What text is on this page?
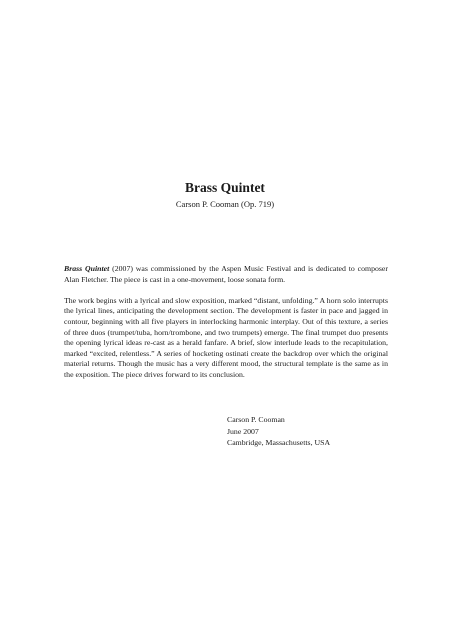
Brass Quintet
Carson P. Cooman (Op. 719)

Brass Quintet (2007) was commissioned by the Aspen Music Festival and is dedicated to composer Alan Fletcher. The piece is cast in a one-movement, loose sonata form.

The work begins with a lyrical and slow exposition, marked “distant, unfolding.” A horn solo interrupts the lyrical lines, anticipating the development section. The development is faster in pace and jagged in contour, beginning with all five players in interlocking harmonic interplay. Out of this texture, a series of three duos (trumpet/tuba, horn/trombone, and two trumpets) emerge. The final trumpet duo presents the opening lyrical ideas re-cast as a herald fanfare. A brief, slow interlude leads to the recapitulation, marked “excited, relentless.” A series of hocketing ostinati create the backdrop over which the original material returns. Though the music has a very different mood, the structural template is the same as in the exposition. The piece drives forward to its conclusion.

Carson P. Cooman
June 2007
Cambridge, Massachusetts, USA
